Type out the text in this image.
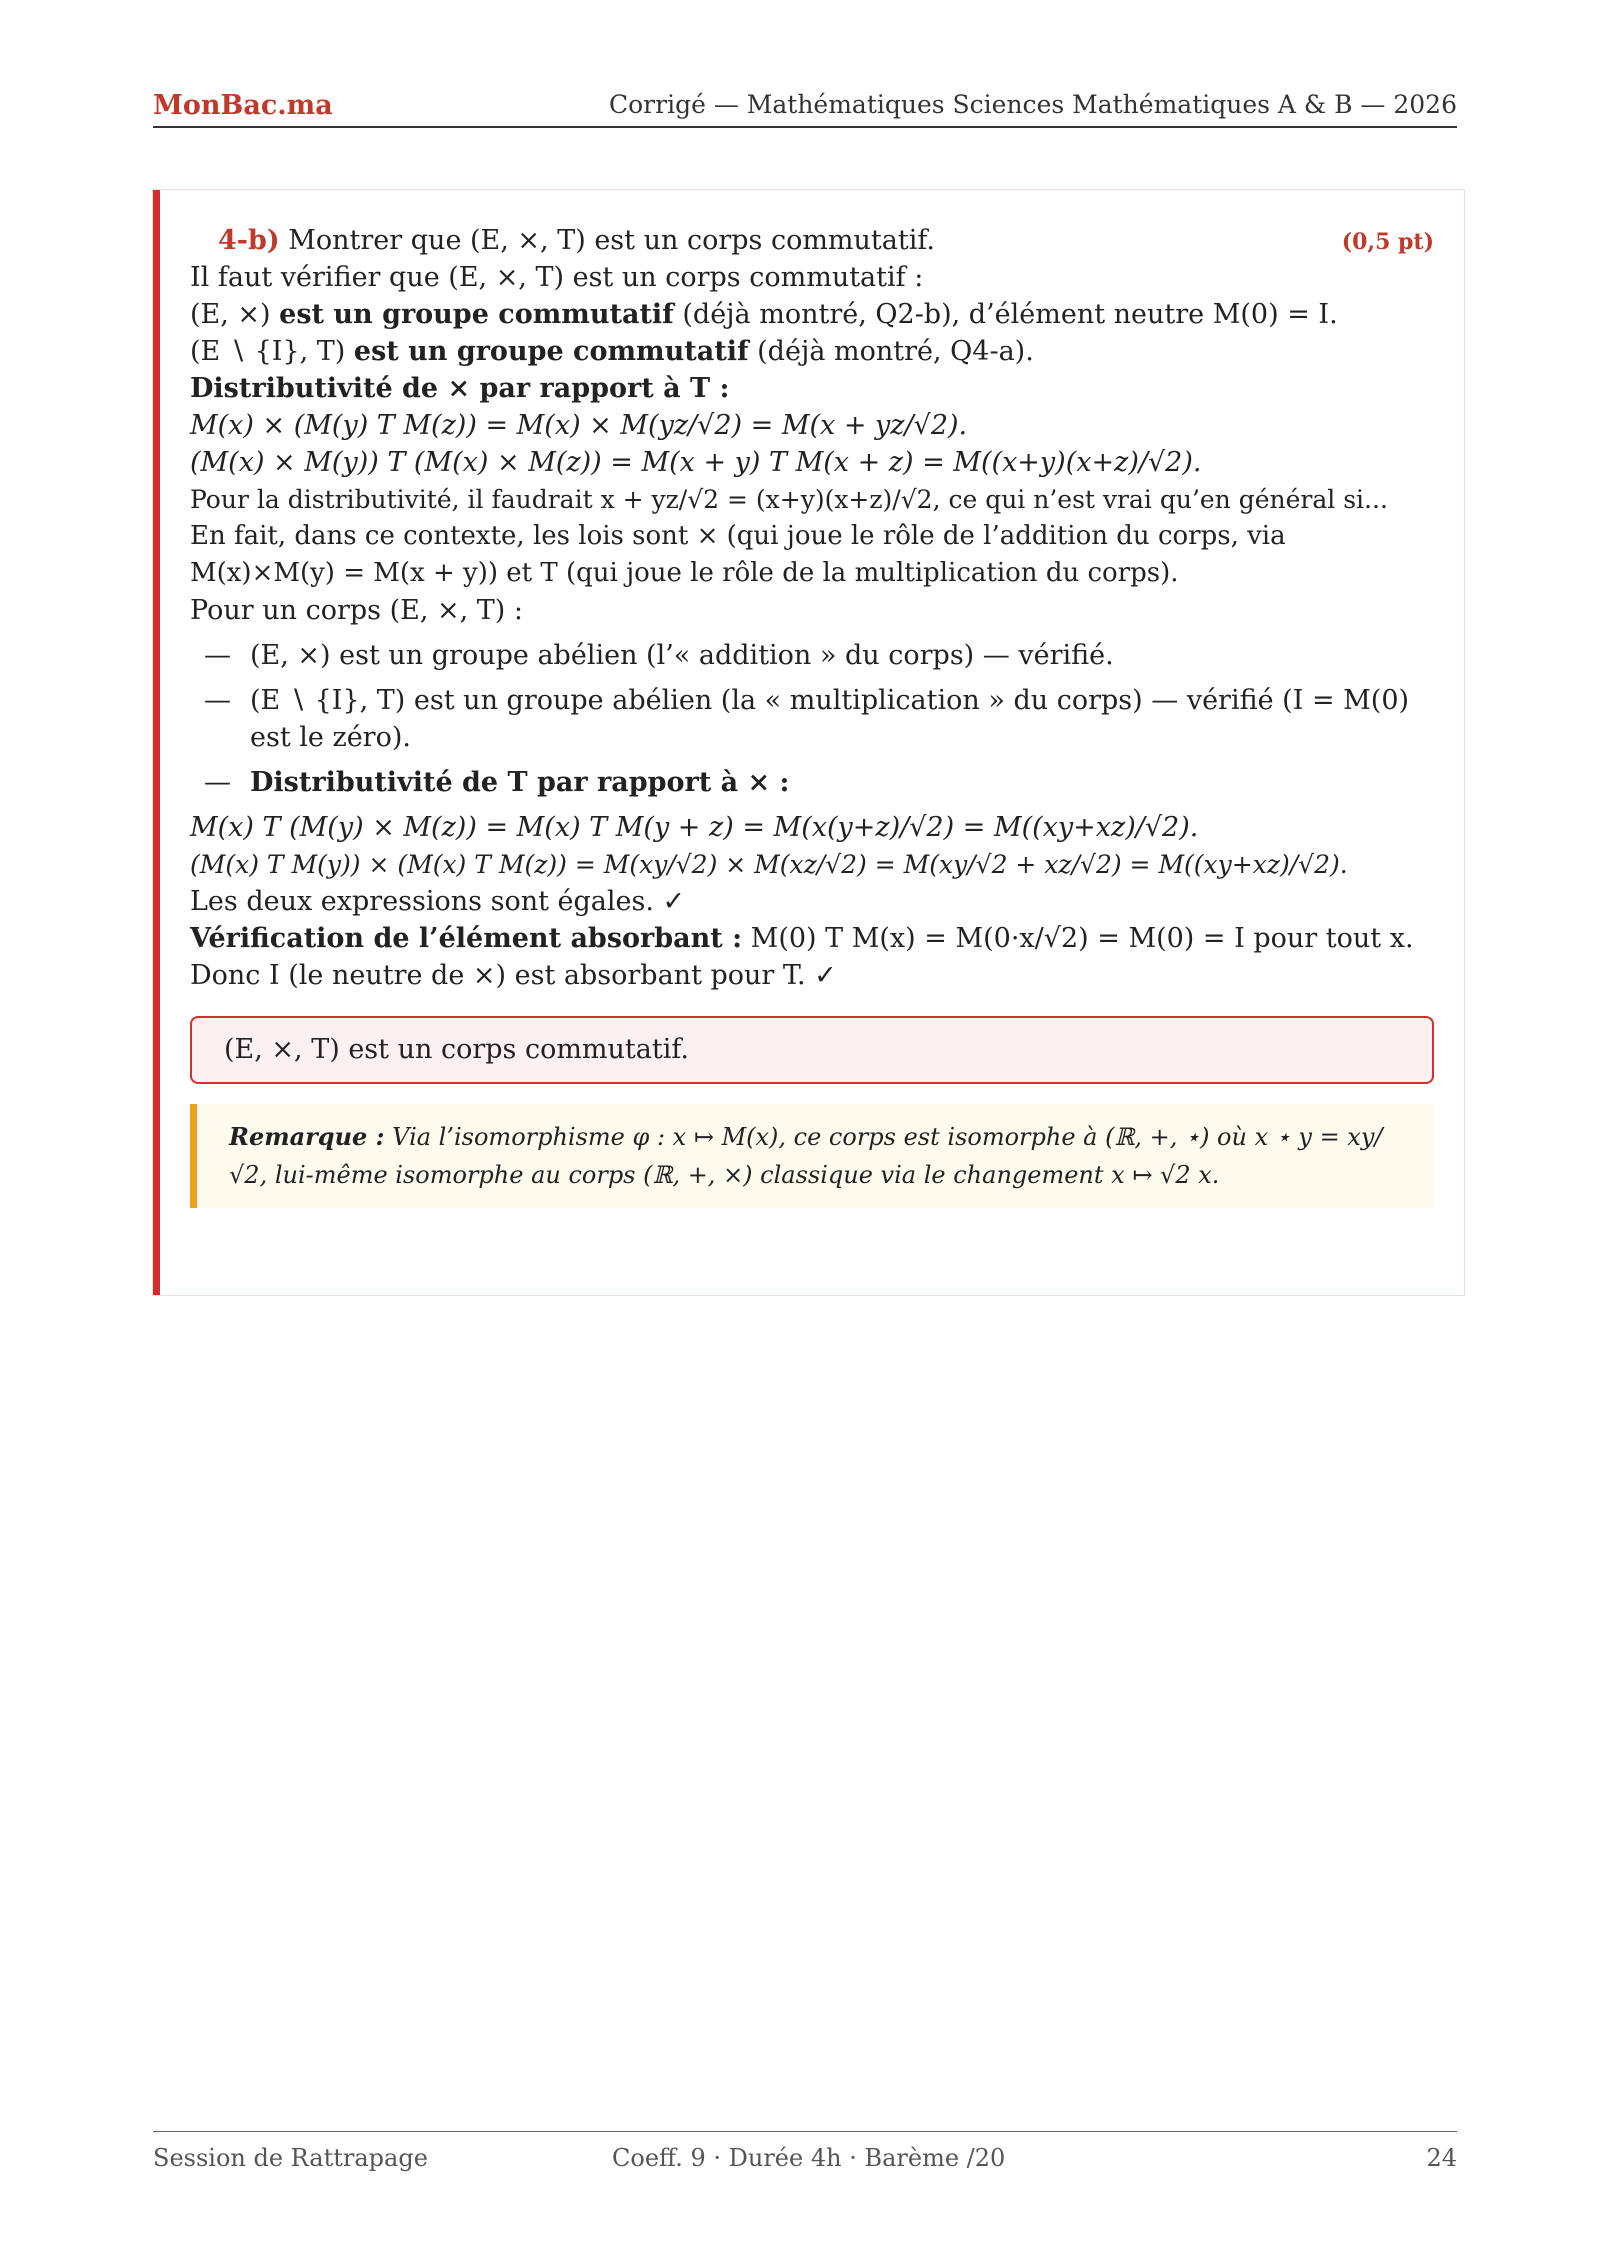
MonBac.ma	Corrigé — Mathématiques Sciences Mathématiques A & B — 2026
4-b) Montrer que (E, ×, T) est un corps commutatif.	(0,5 pt)
Il faut vérifier que (E, ×, T) est un corps commutatif :
(E, ×) est un groupe commutatif (déjà montré, Q2-b), d’élément neutre M(0) = I.
(E ∖ {I}, T) est un groupe commutatif (déjà montré, Q4-a).
Distributivité de × par rapport à T :
M(x) × (M(y) T M(z)) = M(x) × M(yz/√2) = M(x + yz/√2).
(M(x) × M(y)) T (M(x) × M(z)) = M(x + y) T M(x + z) = M((x+y)(x+z)/√2).
Pour la distributivité, il faudrait x + yz/√2 = (x+y)(x+z)/√2, ce qui n’est vrai qu’en général si...
En fait, dans ce contexte, les lois sont × (qui joue le rôle de l’addition du corps, via M(x)×M(y) = M(x + y)) et T (qui joue le rôle de la multiplication du corps).
Pour un corps (E, ×, T) :
— (E, ×) est un groupe abélien (l’« addition » du corps) — vérifié.
— (E ∖ {I}, T) est un groupe abélien (la « multiplication » du corps) — vérifié (I = M(0) est le zéro).
— Distributivité de T par rapport à × :
M(x) T (M(y) × M(z)) = M(x) T M(y + z) = M(x(y+z)/√2) = M((xy+xz)/√2).
(M(x) T M(y)) × (M(x) T M(z)) = M(xy/√2) × M(xz/√2) = M(xy/√2 + xz/√2) = M((xy+xz)/√2).
Les deux expressions sont égales. ✓
Vérification de l’élément absorbant : M(0) T M(x) = M(0·x/√2) = M(0) = I pour tout x.
Donc I (le neutre de ×) est absorbant pour T. ✓
(E, ×, T) est un corps commutatif.
Remarque : Via l’isomorphisme φ : x ↦ M(x), ce corps est isomorphe à (ℝ, +, ⋆) où x ⋆ y = xy/√2, lui-même isomorphe au corps (ℝ, +, ×) classique via le changement x ↦ √2 x.
Session de Rattrapage	Coeff. 9 · Durée 4h · Barème /20	24
